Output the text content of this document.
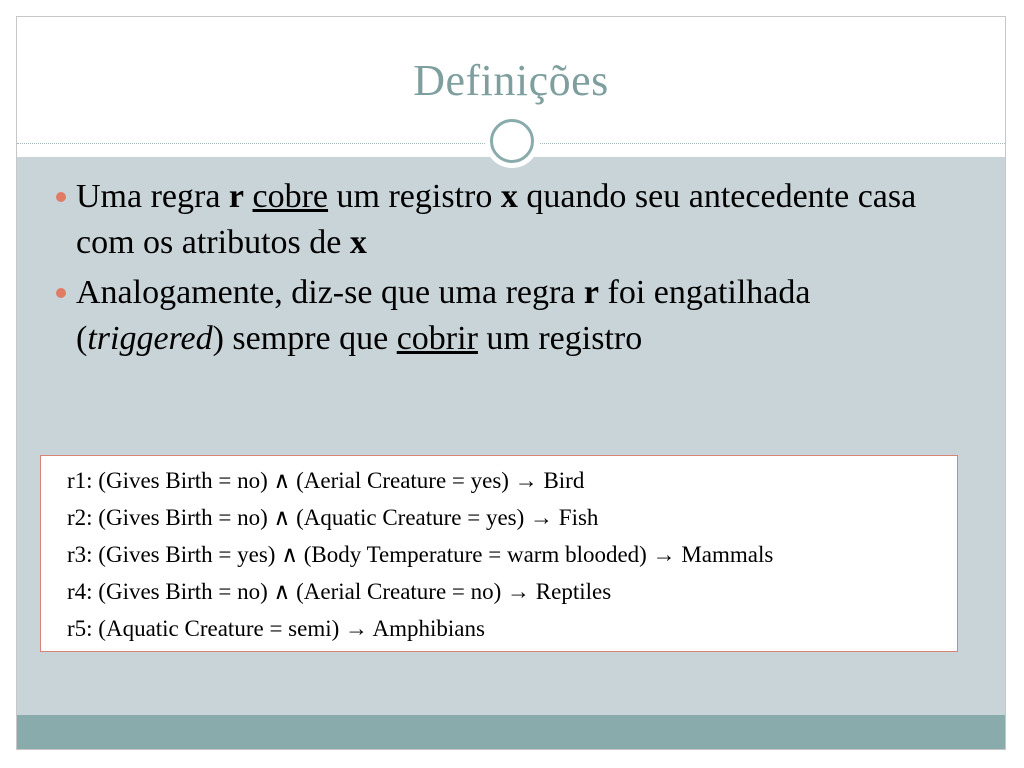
Definições
Uma regra r cobre um registro x quando seu antecedente casa com os atributos de x
Analogamente, diz-se que uma regra r foi engatilhada (triggered) sempre que cobrir um registro
r1: (Gives Birth = no) ∧ (Aerial Creature = yes) → Bird
r2: (Gives Birth = no) ∧ (Aquatic Creature = yes) → Fish
r3: (Gives Birth = yes) ∧ (Body Temperature = warm blooded) → Mammals
r4: (Gives Birth = no) ∧ (Aerial Creature = no) → Reptiles
r5: (Aquatic Creature = semi) → Amphibians
